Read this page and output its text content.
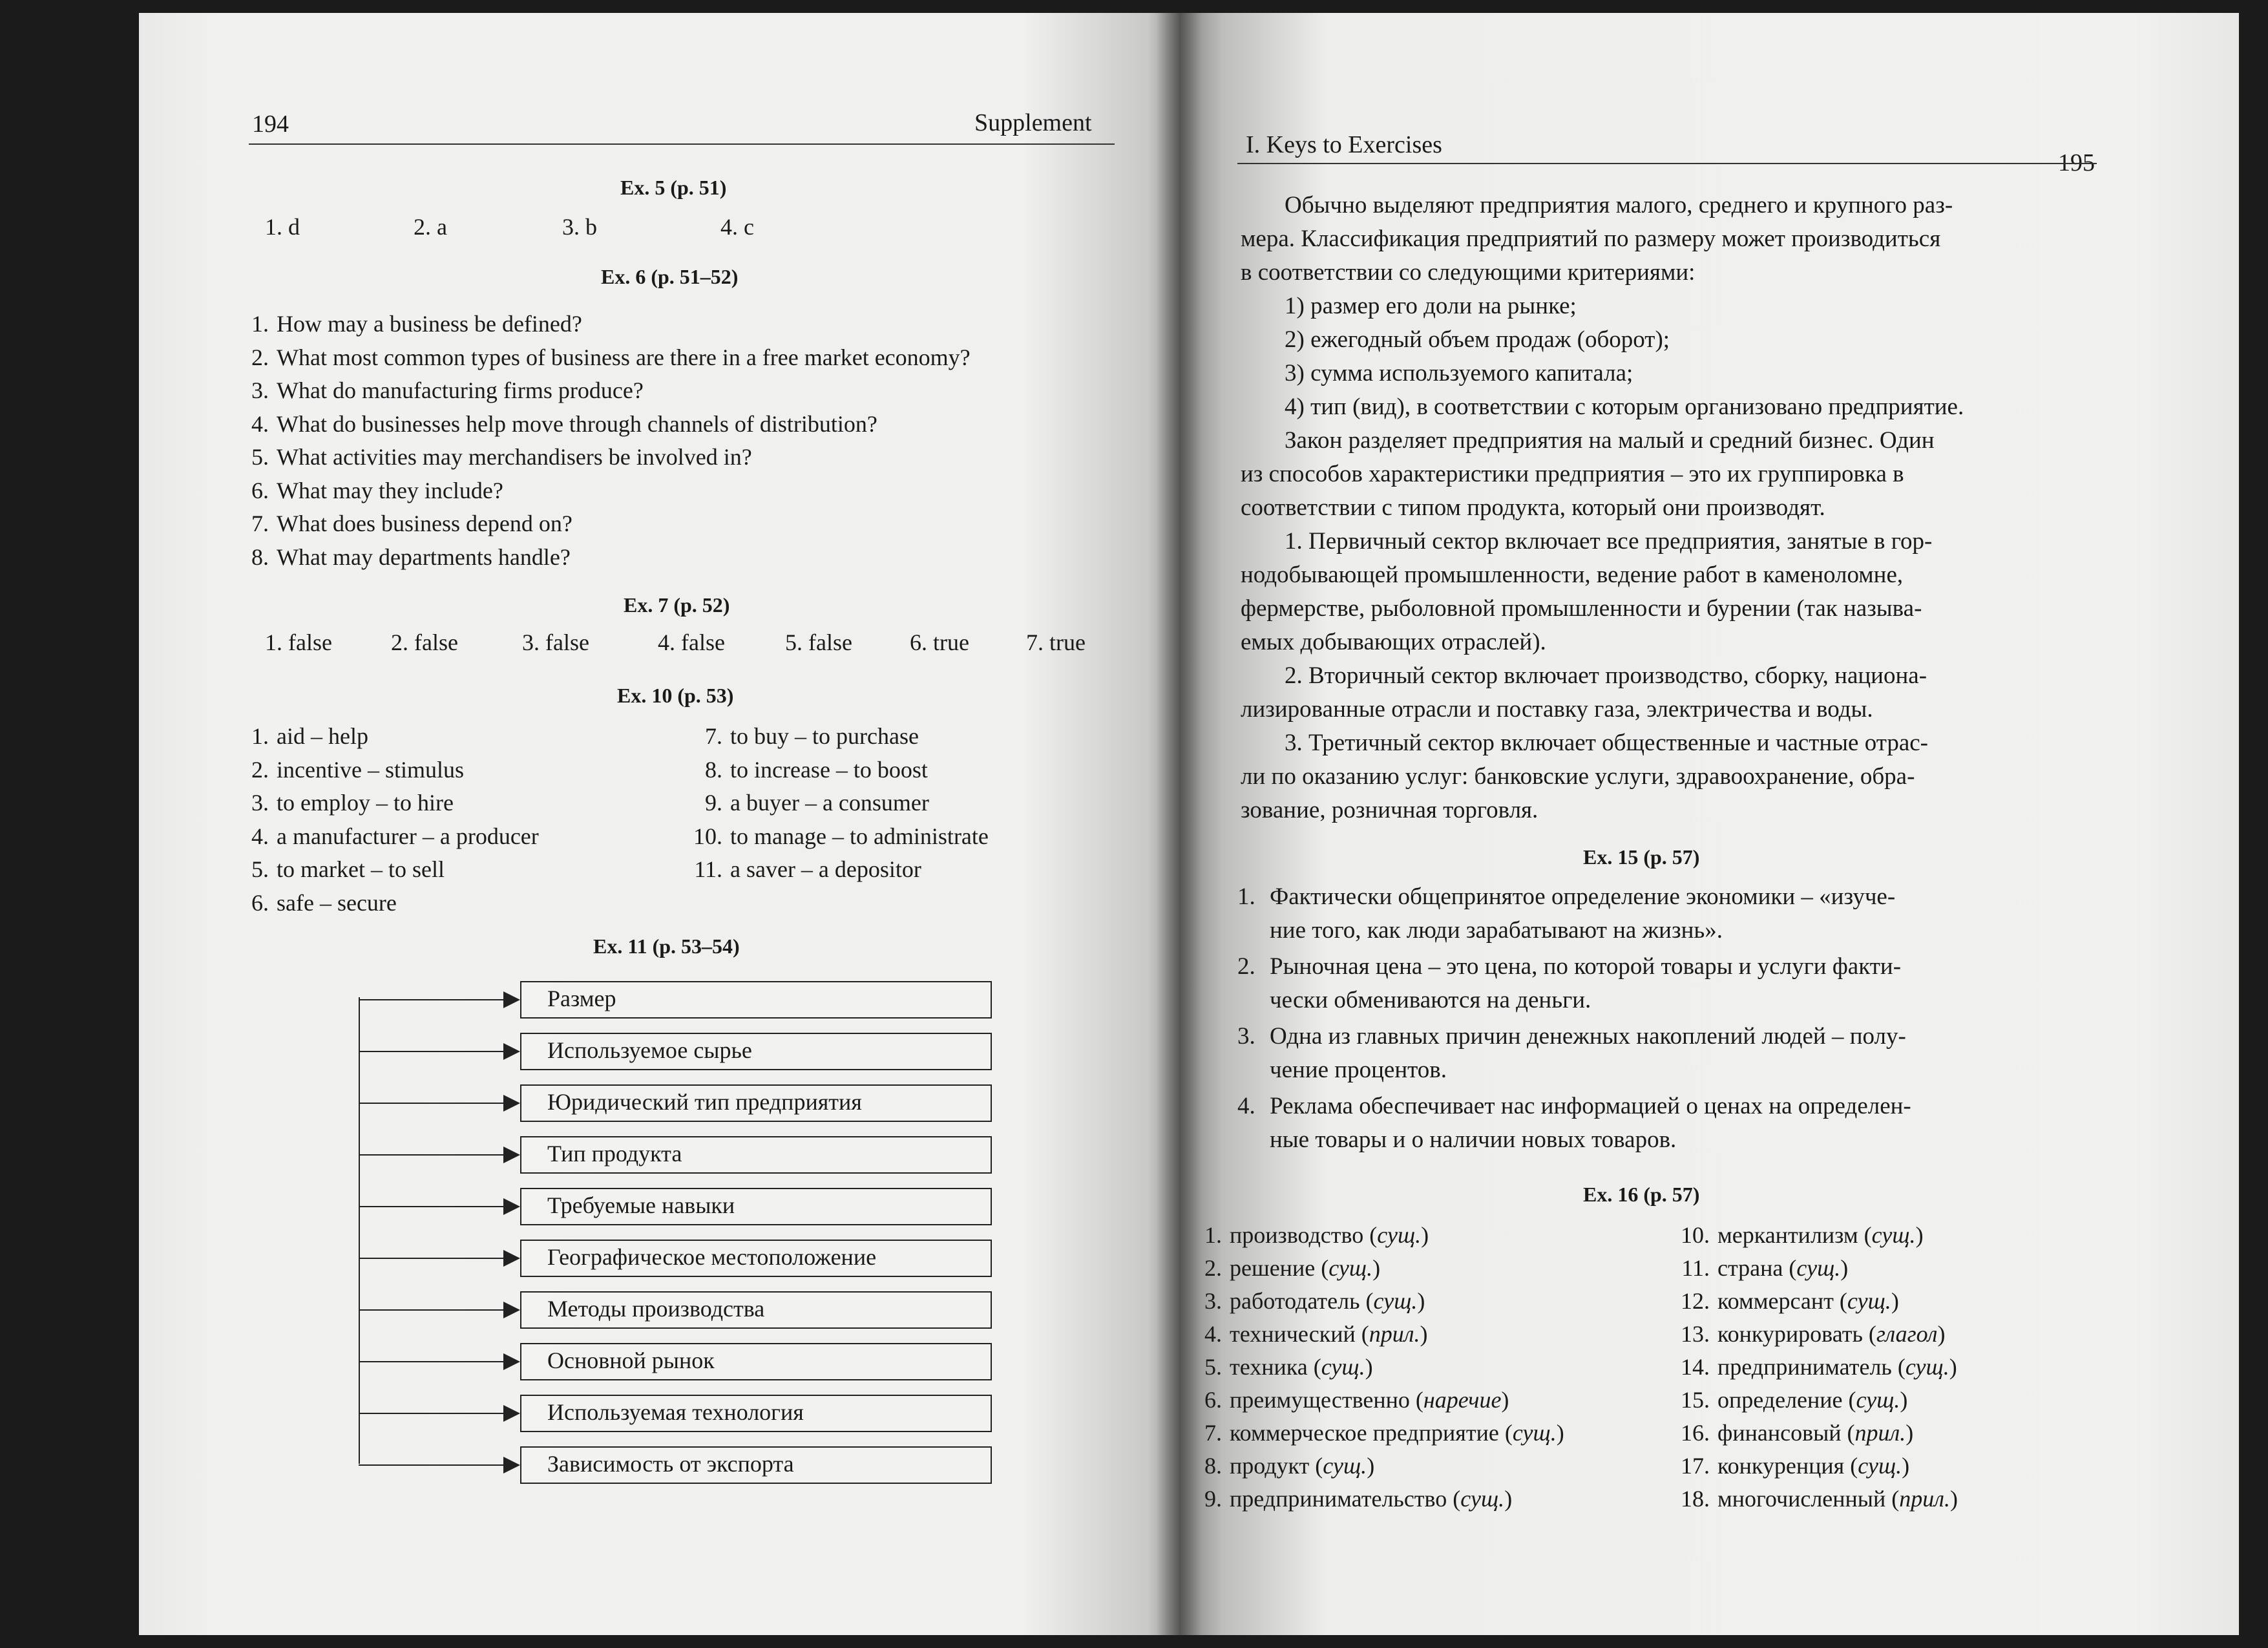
194	Supplement
Ex. 5 (p. 51)
1. d	2. a	3. b	4. c
Ex. 6 (p. 51–52)
1. How may a business be defined?
2. What most common types of business are there in a free market economy?
3. What do manufacturing firms produce?
4. What do businesses help move through channels of distribution?
5. What activities may merchandisers be involved in?
6. What may they include?
7. What does business depend on?
8. What may departments handle?
Ex. 7 (p. 52)
1. false	2. false	3. false	4. false	5. false 6. true 7. true
Ex. 10 (p. 53)
1. aid – help
2. incentive – stimulus
3. to employ – to hire
4. a manufacturer – a producer
5. to market – to sell
6. safe – secure
7. to buy – to purchase
8. to increase – to boost
9. a buyer – a consumer
10. to manage – to administrate
11. a saver – a depositor
Ex. 11 (p. 53–54)
Размер
Используемое сырье
Юридический тип предприятия
Тип продукта
Требуемые навыки
Географическое местоположение
Методы производства
Основной рынок
Используемая технология
Зависимость от экспорта
I. Keys to Exercises
195
Обычно выделяют предприятия малого, среднего и крупного раз-
мера. Классификация предприятий по размеру может производиться
в соответствии со следующими критериями:
1) размер его доли на рынке;
2) ежегодный объем продаж (оборот);
3) сумма используемого капитала;
4) тип (вид), в соответствии с которым организовано предприятие.
Закон разделяет предприятия на малый и средний бизнес. Один
из способов характеристики предприятия – это их группировка в
соответствии с типом продукта, который они производят.
1. Первичный сектор включает все предприятия, занятые в гор-
нодобывающей промышленности, ведение работ в каменоломне,
фермерстве, рыболовной промышленности и бурении (так называ-
емых добывающих отраслей).
2. Вторичный сектор включает производство, сборку, национа-
лизированные отрасли и поставку газа, электричества и воды.
3. Третичный сектор включает общественные и частные отрас-
ли по оказанию услуг: банковские услуги, здравоохранение, обра-
зование, розничная торговля.
Ex. 15 (p. 57)
1. Фактически общепринятое определение экономики – «изуче-
ние того, как люди зарабатывают на жизнь».
2. Рыночная цена – это цена, по которой товары и услуги факти-
чески обмениваются на деньги.
3. Одна из главных причин денежных накоплений людей – полу-
чение процентов.
4. Реклама обеспечивает нас информацией о ценах на определен-
ные товары и о наличии новых товаров.
Ex. 16 (p. 57)
1. производство (сущ.)
2. решение (сущ.)
3. работодатель (сущ.)
4. технический (прил.)
5. техника (сущ.)
6. преимущественно (наречие)
7. коммерческое предприятие (сущ.)
8. продукт (сущ.)
9. предпринимательство (сущ.)
10. меркантилизм (сущ.)
11. страна (сущ.)
12. коммерсант (сущ.)
13. конкурировать (глагол)
14. предприниматель (сущ.)
15. определение (сущ.)
16. финансовый (прил.)
17. конкуренция (сущ.)
18. многочисленный (прил.)
